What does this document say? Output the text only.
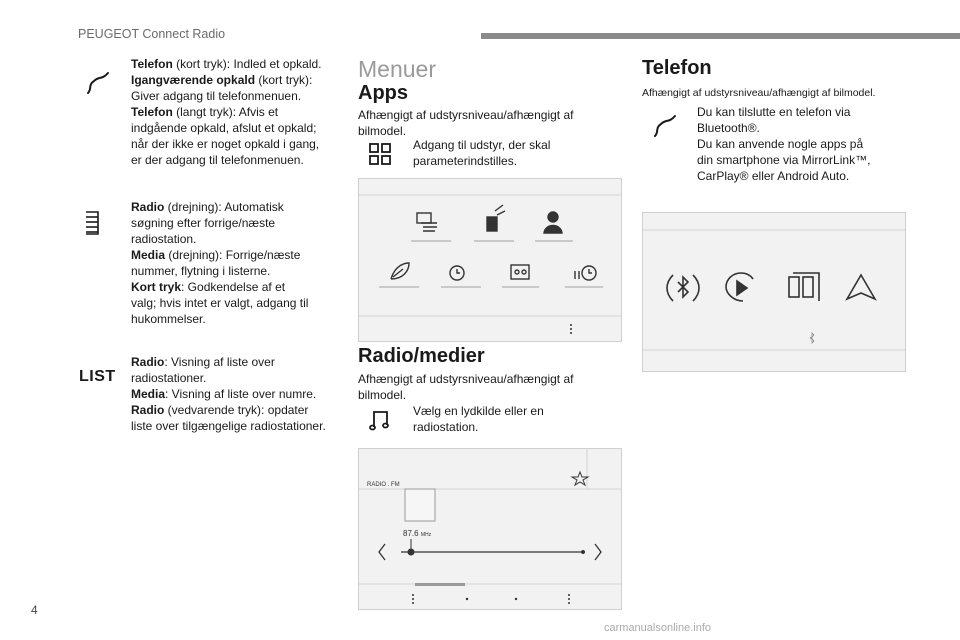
PEUGEOT Connect Radio
Telefon (kort tryk): Indled et opkald.
Igangværende opkald (kort tryk):
Giver adgang til telefonmenuen.
Telefon (langt tryk): Afvis et
indgående opkald, afslut et opkald;
når der ikke er noget opkald i gang,
er der adgang til telefonmenuen.
Radio (drejning): Automatisk
søgning efter forrige/næste
radiostation.
Media (drejning): Forrige/næste
nummer, flytning i listerne.
Kort tryk: Godkendelse af et
valg; hvis intet er valgt, adgang til
hukommelser.
LIST
Radio: Visning af liste over
radiostationer.
Media: Visning af liste over numre.
Radio (vedvarende tryk): opdater
liste over tilgængelige radiostationer.
Menuer
Apps
Afhængigt af udstyrsniveau/afhængigt af
bilmodel.
Adgang til udstyr, der skal
parameterindstilles.
Radio/medier
Afhængigt af udstyrsniveau/afhængigt af
bilmodel.
Vælg en lydkilde eller en
radiostation.
RADIO . FM
87.6 MHz
Telefon
Afhængigt af udstyrsniveau/afhængigt af bilmodel.
Du kan tilslutte en telefon via
Bluetooth®.
Du kan anvende nogle apps på
din smartphone via MirrorLink™,
CarPlay® eller Android Auto.
4
carmanualsonline.info
